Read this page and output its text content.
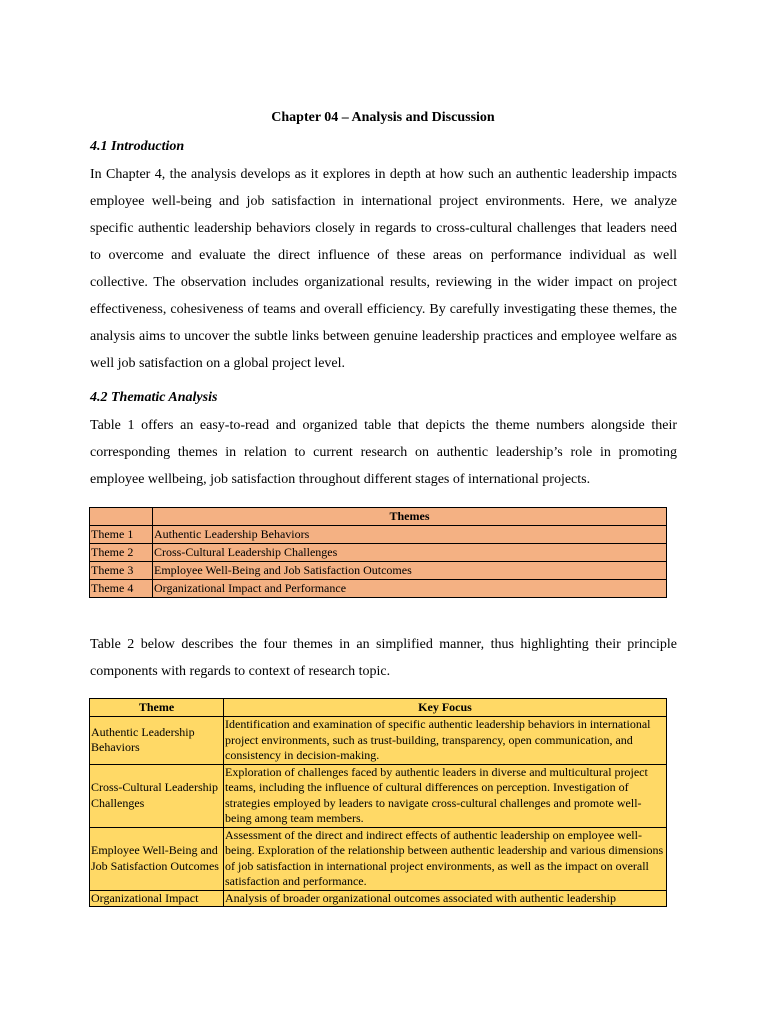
Chapter 04 – Analysis and Discussion
4.1 Introduction

In Chapter 4, the analysis develops as it explores in depth at how such an authentic leadership impacts employee well-being and job satisfaction in international project environments. Here, we analyze specific authentic leadership behaviors closely in regards to cross-cultural challenges that leaders need to overcome and evaluate the direct influence of these areas on performance individual as well collective. The observation includes organizational results, reviewing in the wider impact on project effectiveness, cohesiveness of teams and overall efficiency. By carefully investigating these themes, the analysis aims to uncover the subtle links between genuine leadership practices and employee welfare as well job satisfaction on a global project level.

4.2 Thematic Analysis

Table 1 offers an easy-to-read and organized table that depicts the theme numbers alongside their corresponding themes in relation to current research on authentic leadership’s role in promoting employee wellbeing, job satisfaction throughout different stages of international projects.

	Themes
Theme 1	Authentic Leadership Behaviors
Theme 2	Cross-Cultural Leadership Challenges
Theme 3	Employee Well-Being and Job Satisfaction Outcomes
Theme 4	Organizational Impact and Performance

Table 2 below describes the four themes in an simplified manner, thus highlighting their principle components with regards to context of research topic.

Theme	Key Focus
Authentic Leadership Behaviors	Identification and examination of specific authentic leadership behaviors in international project environments, such as trust-building, transparency, open communication, and consistency in decision-making.
Cross-Cultural Leadership Challenges	Exploration of challenges faced by authentic leaders in diverse and multicultural project teams, including the influence of cultural differences on perception. Investigation of strategies employed by leaders to navigate cross-cultural challenges and promote well-being among team members.
Employee Well-Being and Job Satisfaction Outcomes	Assessment of the direct and indirect effects of authentic leadership on employee well-being. Exploration of the relationship between authentic leadership and various dimensions of job satisfaction in international project environments, as well as the impact on overall satisfaction and performance.
Organizational Impact	Analysis of broader organizational outcomes associated with authentic leadership
